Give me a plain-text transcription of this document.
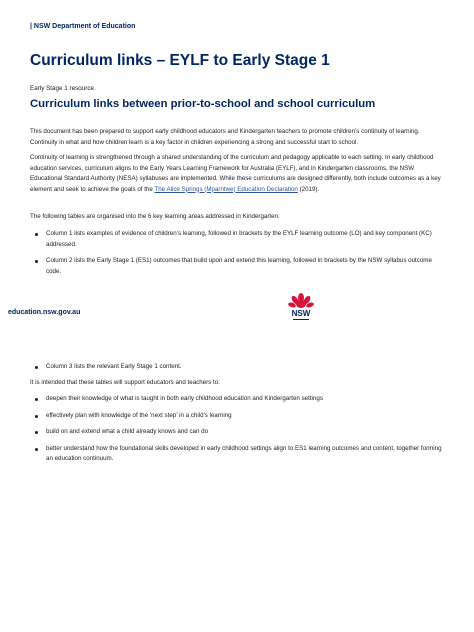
| NSW Department of Education
Curriculum links – EYLF to Early Stage 1
Early Stage 1 resource.
Curriculum links between prior-to-school and school curriculum

This document has been prepared to support early childhood educators and Kindergarten teachers to promote children’s continuity of learning. Continuity in what and how children learn is a key factor in children experiencing a strong and successful start to school.

Continuity of learning is strengthened through a shared understanding of the curriculum and pedagogy applicable to each setting. In early childhood education services, curriculum aligns to the Early Years Learning Framework for Australia (EYLF), and in Kindergarten classrooms, the NSW Educational Standard Authority (NESA) syllabuses are implemented. While these curriculums are designed differently, both include outcomes as a key element and seek to achieve the goals of the The Alice Springs (Mparntwe) Education Declaration (2019).

The following tables are organised into the 6 key learning areas addressed in Kindergarten:

Column 1 lists examples of evidence of children’s learning, followed in brackets by the EYLF learning outcome (LO) and key component (KC) addressed.
Column 2 lists the Early Stage 1 (ES1) outcomes that build upon and extend this learning, followed in brackets by the NSW syllabus outcome code.
education.nsw.gov.au	NSW
Column 3 lists the relevant Early Stage 1 content.

It is intended that these tables will support educators and teachers to:

deepen their knowledge of what is taught in both early childhood education and Kindergarten settings
effectively plan with knowledge of the ‘next step’ in a child’s learning
build on and extend what a child already knows and can do
better understand how the foundational skills developed in early childhood settings align to ES1 learning outcomes and content, together forming an education continuum.
